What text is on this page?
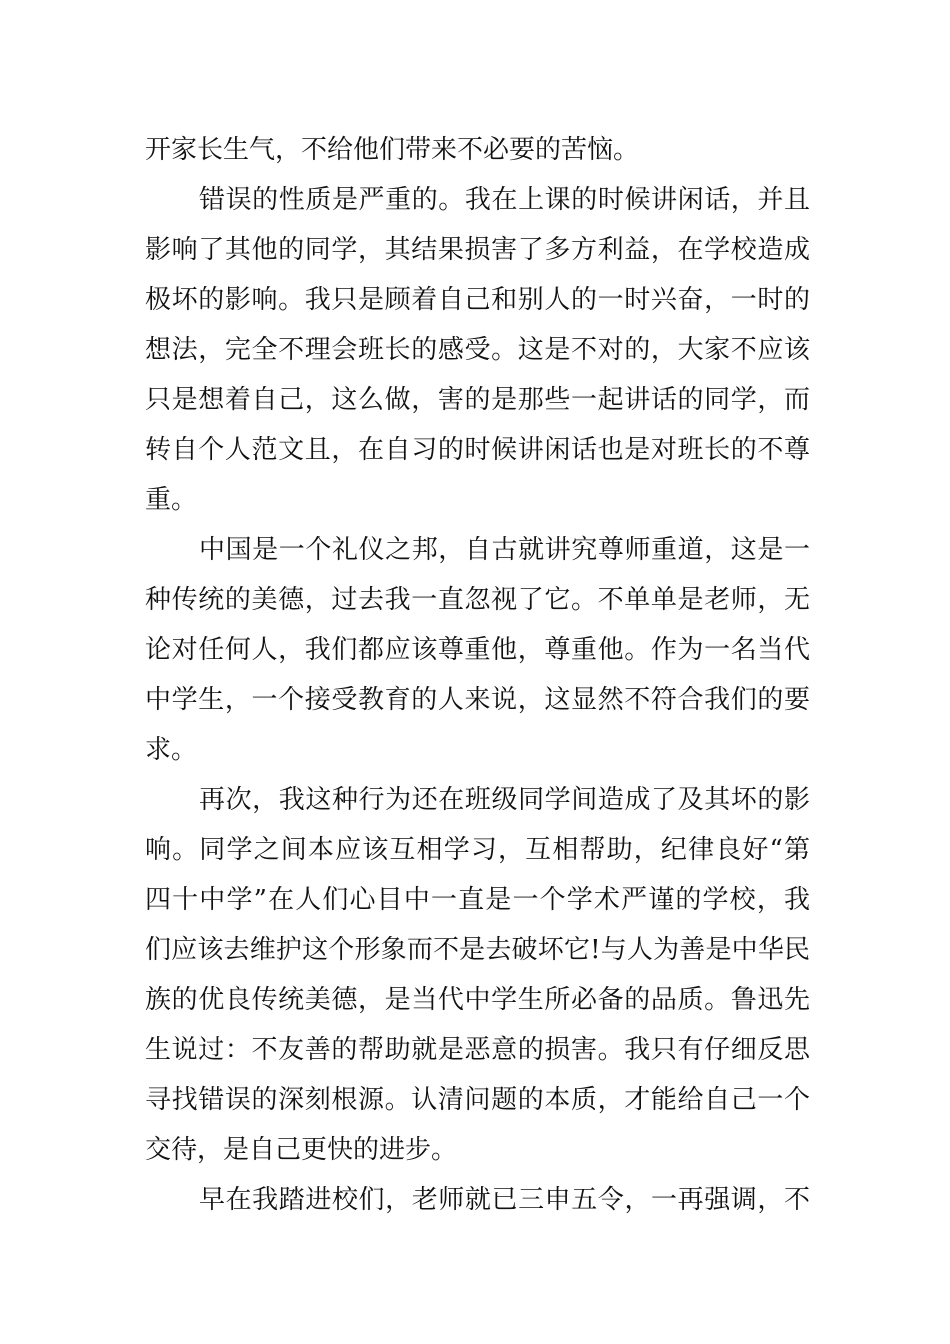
开家长生气，不给他们带来不必要的苦恼。
错误的性质是严重的。我在上课的时候讲闲话，并且
影响了其他的同学，其结果损害了多方利益，在学校造成
极坏的影响。我只是顾着自己和别人的一时兴奋，一时的
想法，完全不理会班长的感受。这是不对的，大家不应该
只是想着自己，这么做，害的是那些一起讲话的同学，而
转自个人范文且，在自习的时候讲闲话也是对班长的不尊
重。
中国是一个礼仪之邦，自古就讲究尊师重道，这是一
种传统的美德，过去我一直忽视了它。不单单是老师，无
论对任何人，我们都应该尊重他，尊重他。作为一名当代
中学生，一个接受教育的人来说，这显然不符合我们的要
求。
再次，我这种行为还在班级同学间造成了及其坏的影
响。同学之间本应该互相学习，互相帮助，纪律良好“第
四十中学”在人们心目中一直是一个学术严谨的学校，我
们应该去维护这个形象而不是去破坏它!与人为善是中华民
族的优良传统美德，是当代中学生所必备的品质。鲁迅先
生说过：不友善的帮助就是恶意的损害。我只有仔细反思
寻找错误的深刻根源。认清问题的本质，才能给自己一个
交待，是自己更快的进步。
早在我踏进校们，老师就已三申五令，一再强调，不
